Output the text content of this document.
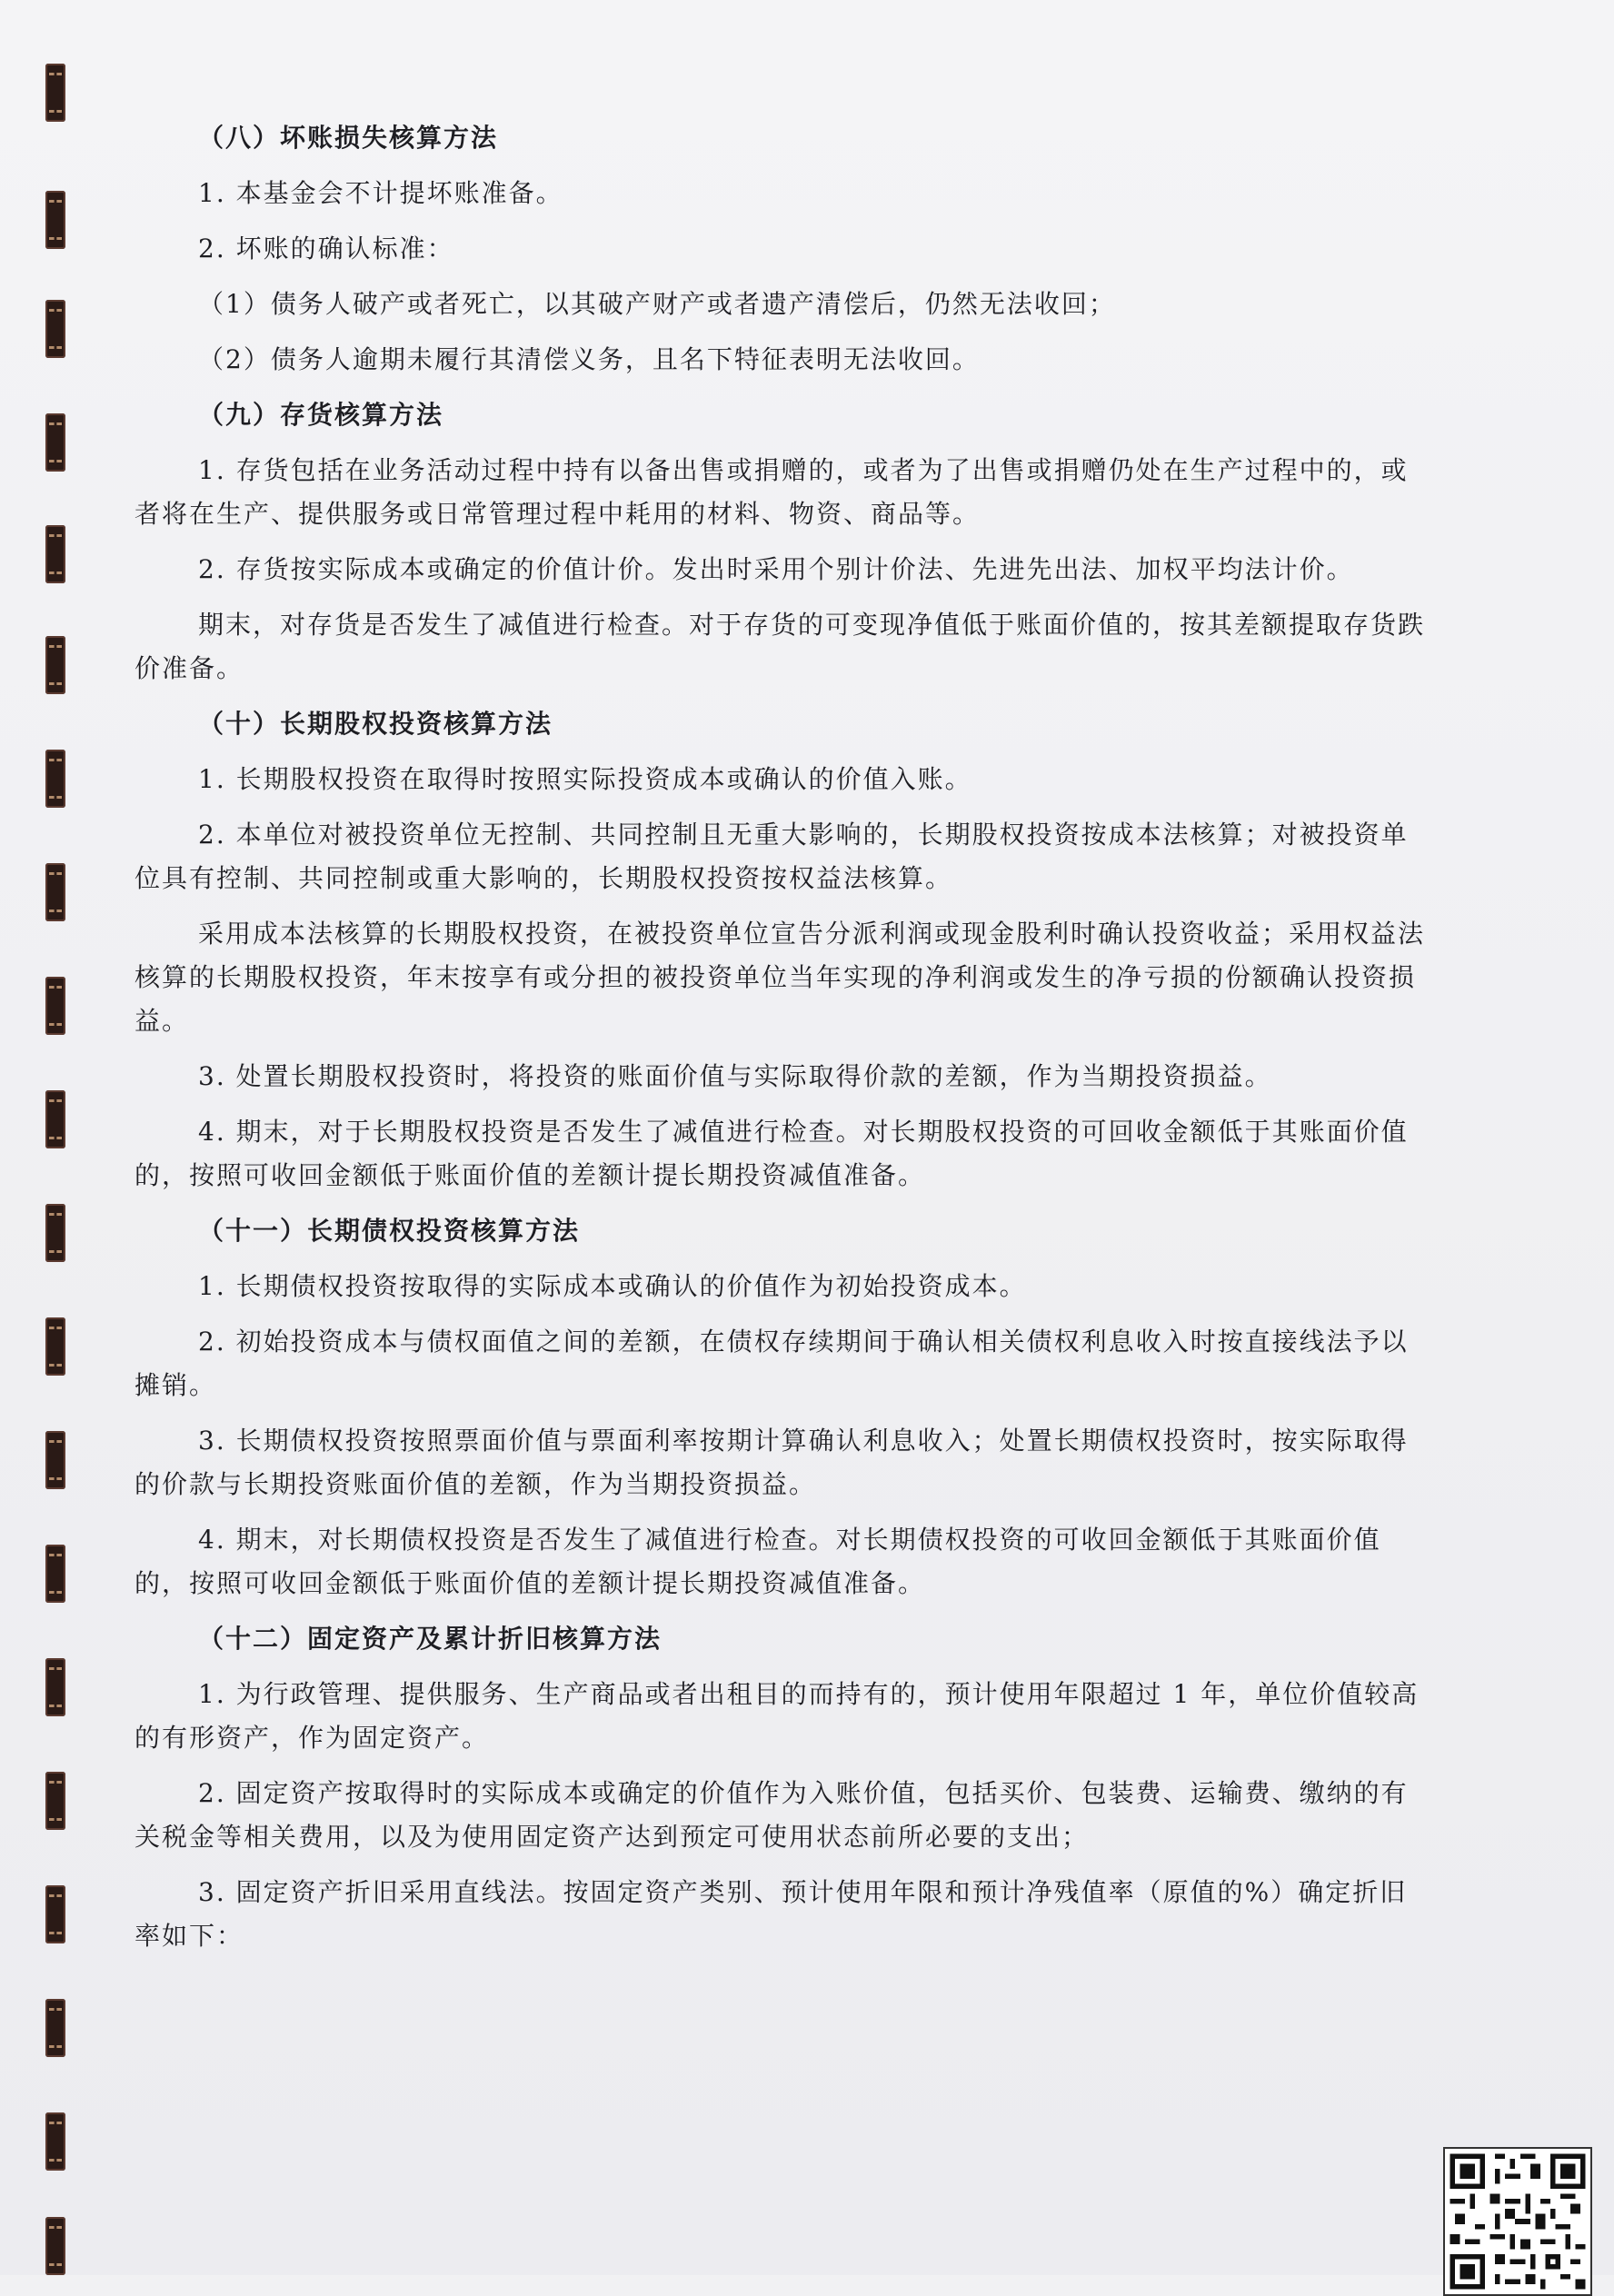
（八）坏账损失核算方法

1. 本基金会不计提坏账准备。

2. 坏账的确认标准：

（1）债务人破产或者死亡，以其破产财产或者遗产清偿后，仍然无法收回；

（2）债务人逾期未履行其清偿义务，且名下特征表明无法收回。

（九）存货核算方法

1. 存货包括在业务活动过程中持有以备出售或捐赠的，或者为了出售或捐赠仍处在生产过程中的，或者将在生产、提供服务或日常管理过程中耗用的材料、物资、商品等。

2. 存货按实际成本或确定的价值计价。发出时采用个别计价法、先进先出法、加权平均法计价。

期末，对存货是否发生了减值进行检查。对于存货的可变现净值低于账面价值的，按其差额提取存货跌价准备。

（十）长期股权投资核算方法

1. 长期股权投资在取得时按照实际投资成本或确认的价值入账。

2. 本单位对被投资单位无控制、共同控制且无重大影响的，长期股权投资按成本法核算；对被投资单位具有控制、共同控制或重大影响的，长期股权投资按权益法核算。

采用成本法核算的长期股权投资，在被投资单位宣告分派利润或现金股利时确认投资收益；采用权益法核算的长期股权投资，年末按享有或分担的被投资单位当年实现的净利润或发生的净亏损的份额确认投资损益。

3. 处置长期股权投资时，将投资的账面价值与实际取得价款的差额，作为当期投资损益。

4. 期末，对于长期股权投资是否发生了减值进行检查。对长期股权投资的可回收金额低于其账面价值的，按照可收回金额低于账面价值的差额计提长期投资减值准备。

（十一）长期债权投资核算方法

1. 长期债权投资按取得的实际成本或确认的价值作为初始投资成本。

2. 初始投资成本与债权面值之间的差额，在债权存续期间于确认相关债权利息收入时按直接线法予以摊销。

3. 长期债权投资按照票面价值与票面利率按期计算确认利息收入；处置长期债权投资时，按实际取得的价款与长期投资账面价值的差额，作为当期投资损益。

4. 期末，对长期债权投资是否发生了减值进行检查。对长期债权投资的可收回金额低于其账面价值的，按照可收回金额低于账面价值的差额计提长期投资减值准备。

（十二）固定资产及累计折旧核算方法

1. 为行政管理、提供服务、生产商品或者出租目的而持有的，预计使用年限超过 1 年，单位价值较高的有形资产，作为固定资产。

2. 固定资产按取得时的实际成本或确定的价值作为入账价值，包括买价、包装费、运输费、缴纳的有关税金等相关费用，以及为使用固定资产达到预定可使用状态前所必要的支出；

3. 固定资产折旧采用直线法。按固定资产类别、预计使用年限和预计净残值率（原值的%）确定折旧率如下：
